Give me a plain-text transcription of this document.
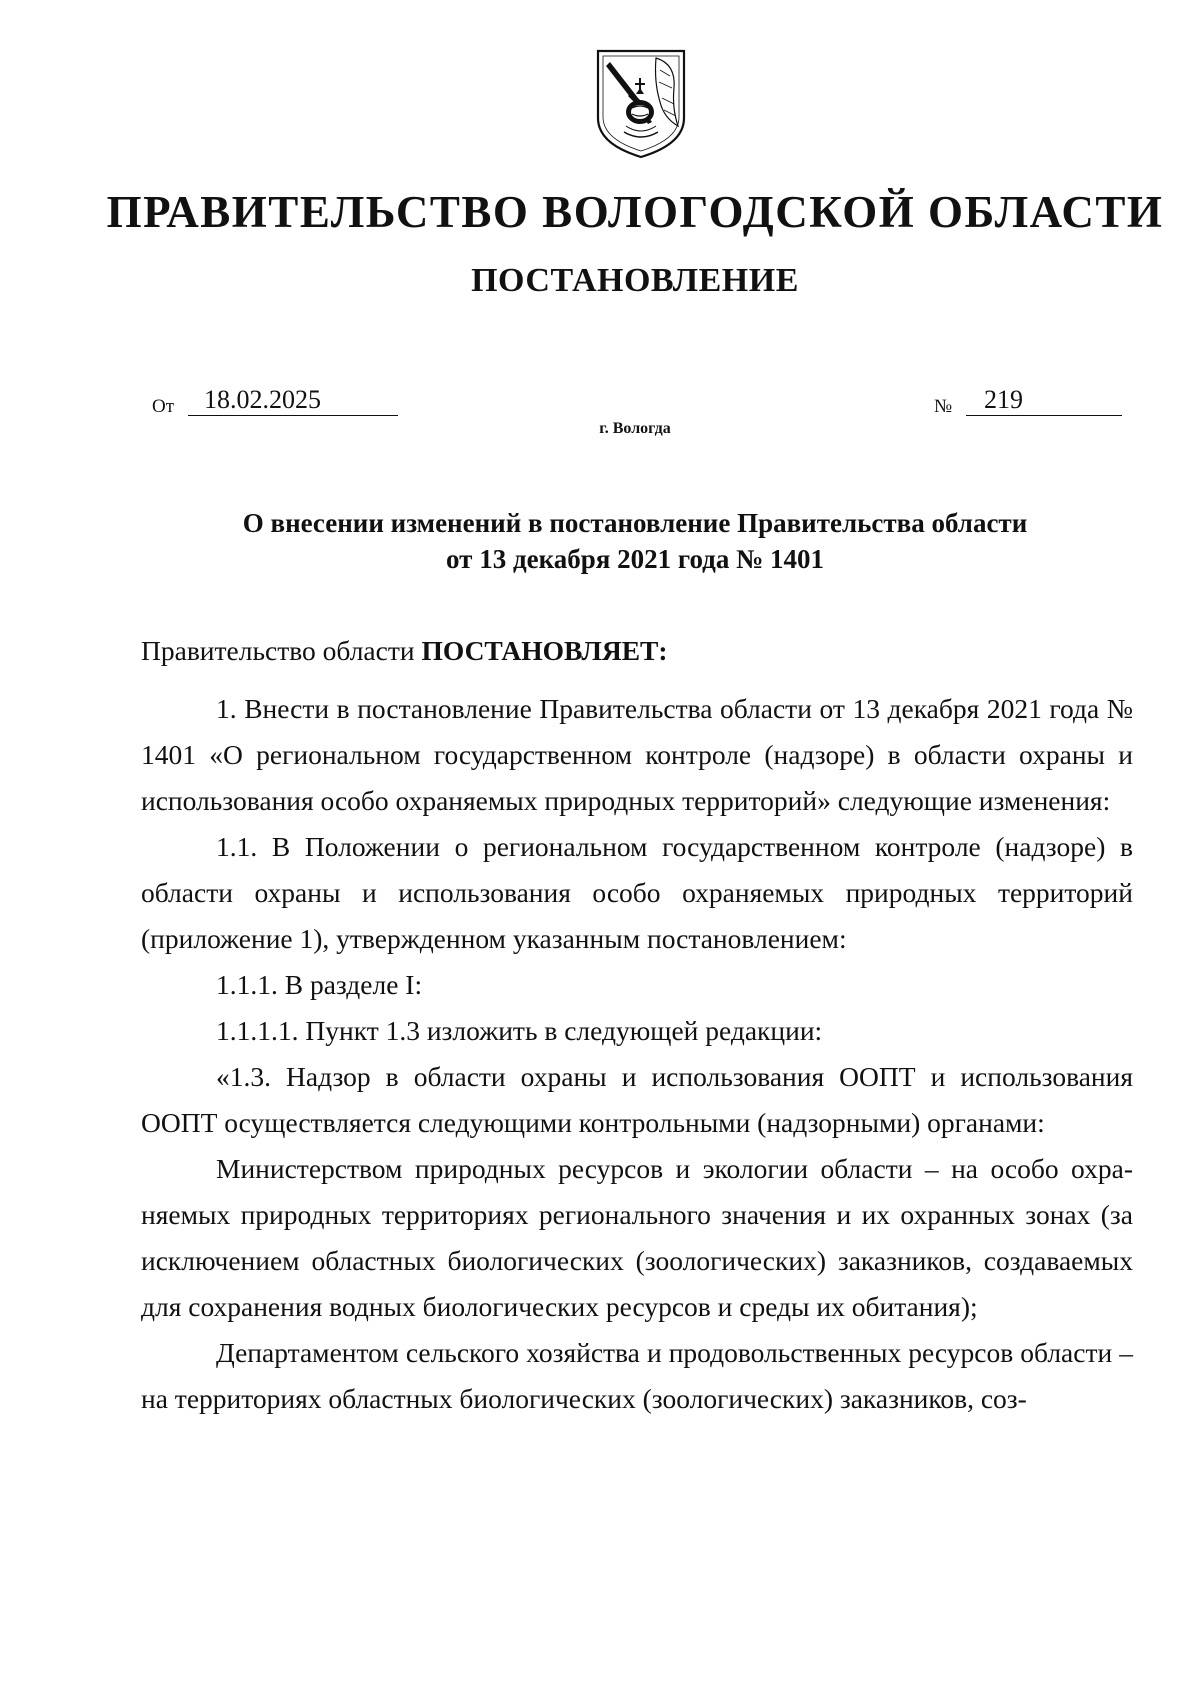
ПРАВИТЕЛЬСТВО ВОЛОГОДСКОЙ ОБЛАСТИ
ПОСТАНОВЛЕНИЕ
От	18.02.2025	№	219
г. Вологда
О внесении изменений в постановление Правительства области
от 13 декабря 2021 года № 1401

Правительство области ПОСТАНОВЛЯЕТ:

1. Внести в постановление Правительства области от 13 декабря 2021 года № 1401 «О региональном государственном контроле (надзоре) в области охраны и использования особо охраняемых природных территорий» следующие изменения:

1.1. В Положении о региональном государственном контроле (надзоре) в области охраны и использования особо охраняемых природных территорий (приложение 1), утвержденном указанным постановлением:

1.1.1. В разделе I:

1.1.1.1. Пункт 1.3 изложить в следующей редакции:

«1.3. Надзор в области охраны и использования ООПТ и использования ООПТ осуществляется следующими контрольными (надзорными) органами:

Министерством природных ресурсов и экологии области – на особо охраняемых природных территориях регионального значения и их охранных зонах (за исключением областных биологических (зоологических) заказников, создаваемых для сохранения водных биологических ресурсов и среды их обитания);

Департаментом сельского хозяйства и продовольственных ресурсов области – на территориях областных биологических (зоологических) заказников, соз-
